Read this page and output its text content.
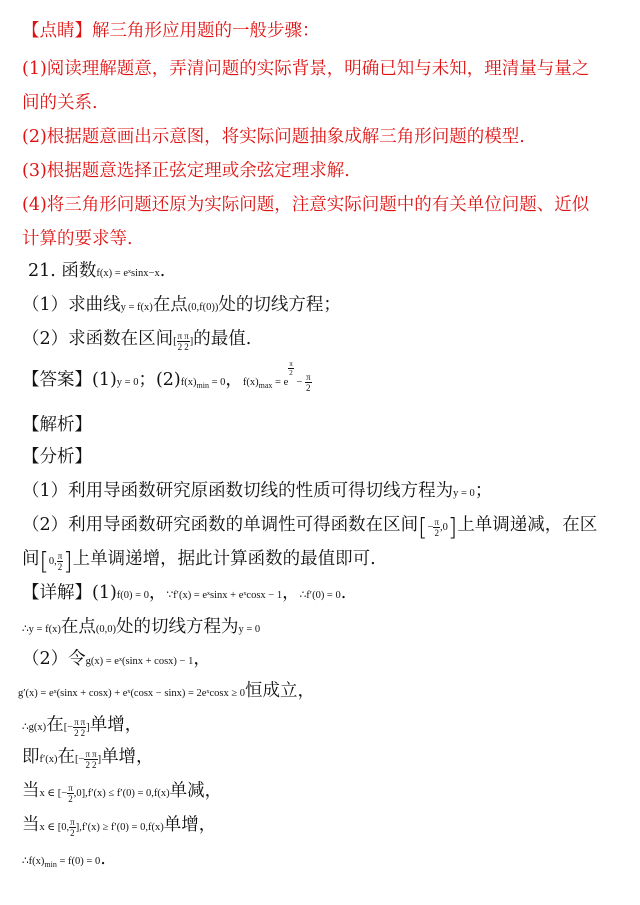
【点睛】解三角形应用题的一般步骤：
(1)阅读理解题意，弄清问题的实际背景，明确已知与未知，理清量与量之
间的关系.
(2)根据题意画出示意图，将实际问题抽象成解三角形问题的模型.
(3)根据题意选择正弦定理或余弦定理求解.
(4)将三角形问题还原为实际问题，注意实际问题中的有关单位问题、近似
计算的要求等.
21. 函数f(x) = eˣsinx−x.
（1）求曲线y = f(x)在点(0,f(0))处的切线方程；
（2）求函数在区间[ $\frac{\pi}{2} \frac{\pi}{2}$ ]的最值.
【答案】(1)y = 0；$(2)f(x)_{min} = 0$，$f(x)_{max} = e$
$^{\frac{\pi}{2}}$
− $\frac{\pi}{2}$
【解析】
【分析】
（1）利用导函数研究原函数切线的性质可得切线方程为y = 0；
（2）利用导函数研究函数的单调性可得函数在区间[− $\frac{\pi}{2} ,0$]上单调递减，在区
间[0, $\frac{\pi}{2}$ ]上单调递增，据此计算函数的最值即可.
【详解】(1)f(0) = 0，∵f′(x) = eˣsinx + eˣcosx − 1，∴f′(0) = 0.
∴y = f(x)在点(0,0)处的切线方程为y = 0
（2）令g(x) = eˣ(sinx + cosx) − 1，
g′(x) = eˣ(sinx + cosx) + eˣ(cosx − sinx) = 2eˣcosx ≥ 0恒成立，
∴g(x)在[− $\frac{\pi}{2} \frac{\pi}{2}$ ]单增，
即f′(x)在[− $\frac{\pi}{2} \frac{\pi}{2}$ ]单增，
当x ∈ [− $\frac{\pi}{2} ,0],f'(x) \le f'(0) = 0,f(x)$单减，
当x ∈ [0, $\frac{\pi}{2} ],f'(x) \ge f'(0) = 0,f(x)$单增，
$\therefore f(x)_{min} = f(0) = 0$.
